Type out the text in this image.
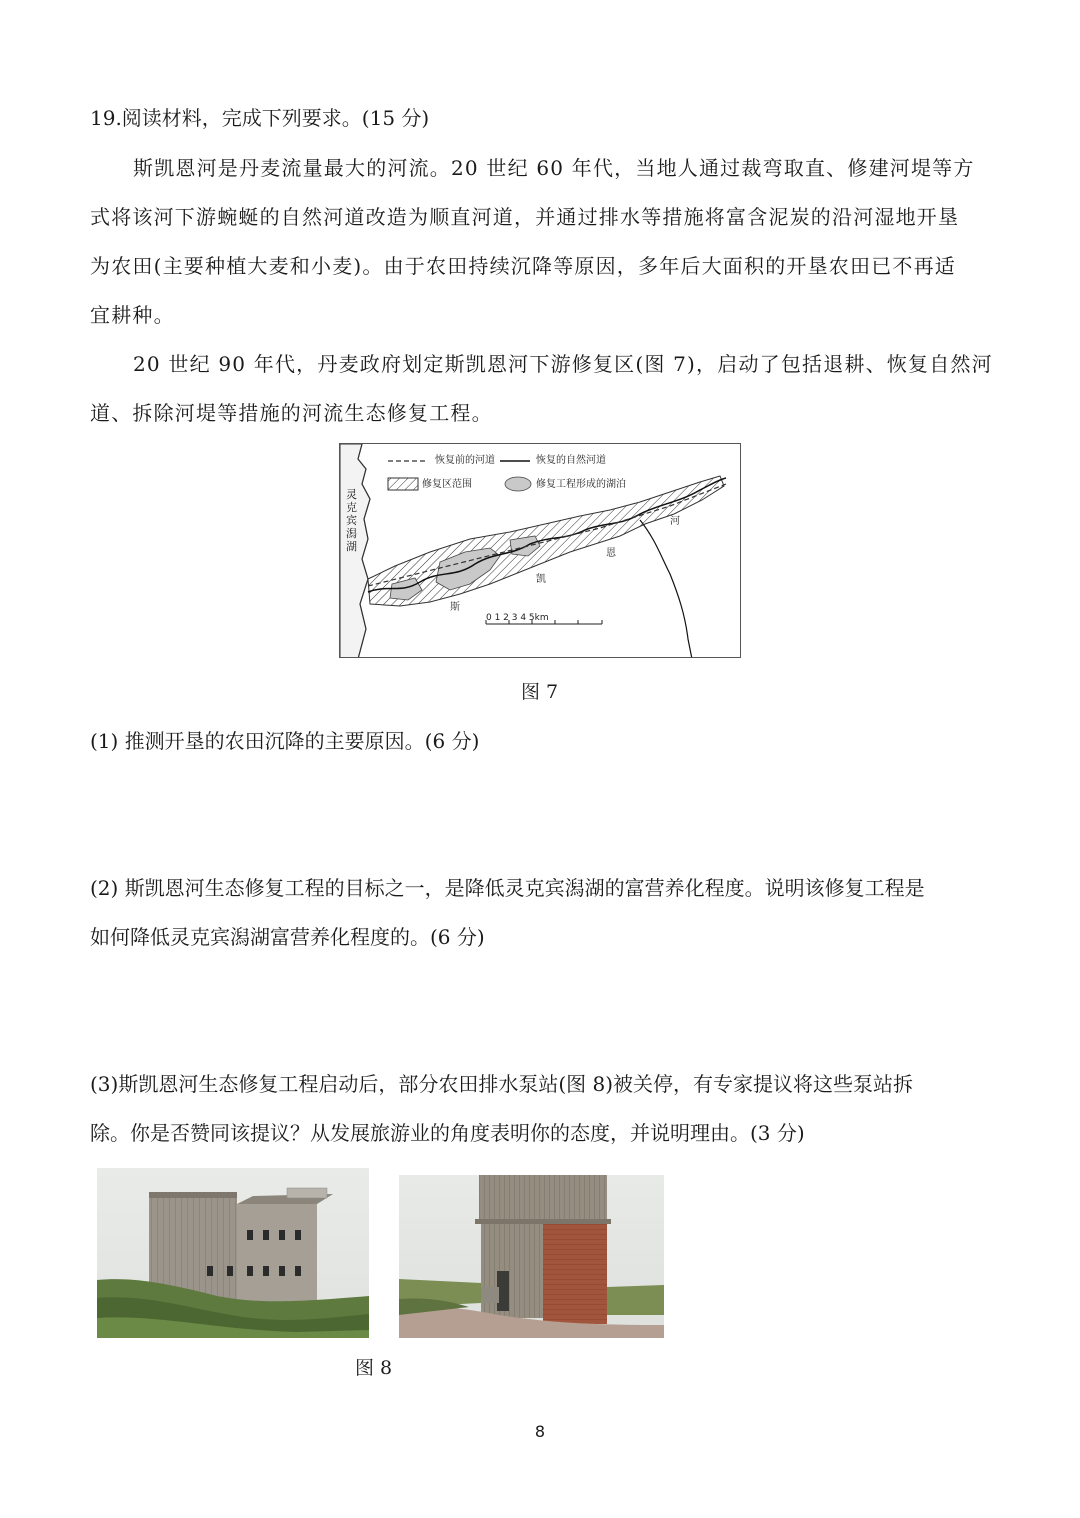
19.阅读材料，完成下列要求。(15 分)
斯凯恩河是丹麦流量最大的河流。20 世纪 60 年代，当地人通过裁弯取直、修建河堤等方
式将该河下游蜿蜒的自然河道改造为顺直河道，并通过排水等措施将富含泥炭的沿河湿地开垦
为农田(主要种植大麦和小麦)。由于农田持续沉降等原因，多年后大面积的开垦农田已不再适
宜耕种。
20 世纪 90 年代，丹麦政府划定斯凯恩河下游修复区(图 7)，启动了包括退耕、恢复自然河
道、拆除河堤等措施的河流生态修复工程。
恢复前的河道	恢复的自然河道
修复区范围	修复工程形成的湖泊
灵克宾潟湖
斯
凯
恩
河
0 1 2 3 4 5km
图 7
(1) 推测开垦的农田沉降的主要原因。(6 分)
(2) 斯凯恩河生态修复工程的目标之一，是降低灵克宾潟湖的富营养化程度。说明该修复工程是
如何降低灵克宾潟湖富营养化程度的。(6 分)
(3)斯凯恩河生态修复工程启动后，部分农田排水泵站(图 8)被关停，有专家提议将这些泵站拆
除。你是否赞同该提议？从发展旅游业的角度表明你的态度，并说明理由。(3 分)
图 8
8
